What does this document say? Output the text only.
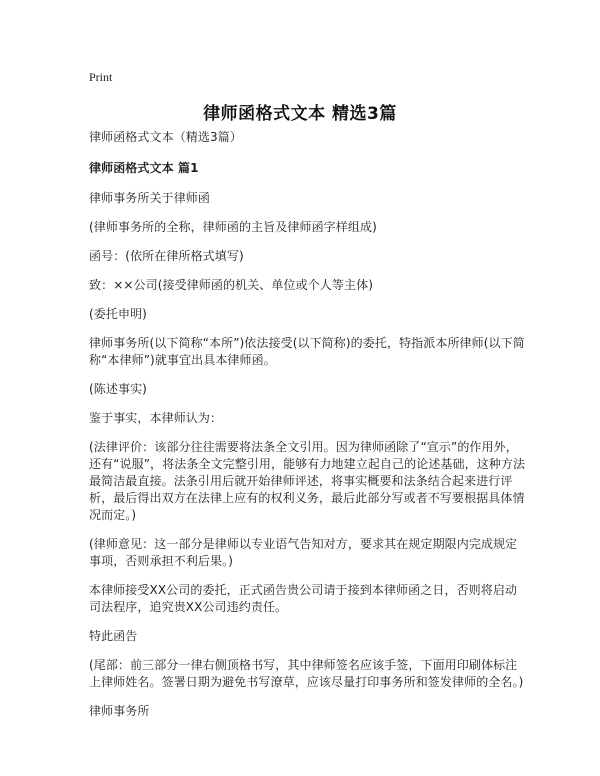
Print
律师函格式文本 精选3篇

律师函格式文本（精选3篇）

律师函格式文本 篇1

律师事务所关于律师函

(律师事务所的全称，律师函的主旨及律师函字样组成)

函号：(依所在律所格式填写)

致：××公司(接受律师函的机关、单位或个人等主体)

(委托申明)

律师事务所(以下简称“本所”)依法接受(以下简称)的委托，特指派本所律师(以下简称“本律师”)就事宜出具本律师函。

(陈述事实)

鉴于事实，本律师认为：

(法律评价：该部分往往需要将法条全文引用。因为律师函除了“宣示”的作用外，还有“说服”，将法条全文完整引用，能够有力地建立起自己的论述基础，这种方法最简洁最直接。法条引用后就开始律师评述，将事实概要和法条结合起来进行评析，最后得出双方在法律上应有的权利义务，最后此部分写或者不写要根据具体情况而定。)

(律师意见：这一部分是律师以专业语气告知对方，要求其在规定期限内完成规定事项，否则承担不利后果。)

本律师接受XX公司的委托，正式函告贵公司请于接到本律师函之日，否则将启动司法程序，追究贵XX公司违约责任。

特此函告

(尾部：前三部分一律右侧顶格书写，其中律师签名应该手签，下面用印刷体标注上律师姓名。签署日期为避免书写潦草，应该尽量打印事务所和签发律师的全名。)

律师事务所
